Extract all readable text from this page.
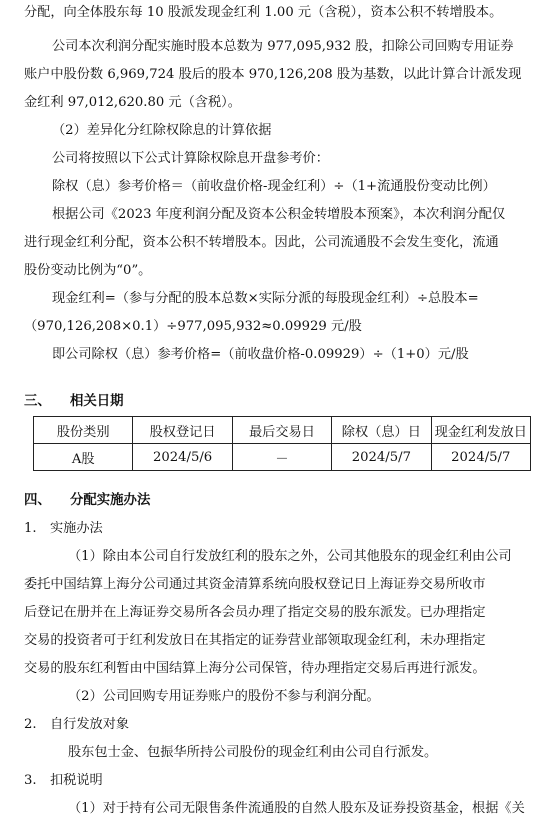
分配，向全体股东每 10 股派发现金红利 1.00 元（含税），资本公积不转增股本。
公司本次利润分配实施时股本总数为 977,095,932 股，扣除公司回购专用证券
账户中股份数 6,969,724 股后的股本 970,126,208 股为基数，以此计算合计派发现
金红利 97,012,620.80 元（含税）。
（2）差异化分红除权除息的计算依据
公司将按照以下公式计算除权除息开盘参考价：
除权（息）参考价格＝（前收盘价格-现金红利）÷（1+流通股份变动比例）
根据公司《2023 年度利润分配及资本公积金转增股本预案》，本次利润分配仅
进行现金红利分配，资本公积不转增股本。因此，公司流通股不会发生变化，流通
股份变动比例为“0”。
现金红利=（参与分配的股本总数×实际分派的每股现金红利）÷总股本=
（970,126,208×0.1）÷977,095,932≈0.09929 元/股
即公司除权（息）参考价格=（前收盘价格-0.09929）÷（1+0）元/股
三、 相关日期
股份类别	股权登记日	最后交易日	除权（息）日	现金红利发放日
A股	2024/5/6	－	2024/5/7	2024/5/7
四、 分配实施办法
1. 实施办法
（1）除由本公司自行发放红利的股东之外，公司其他股东的现金红利由公司
委托中国结算上海分公司通过其资金清算系统向股权登记日上海证券交易所收市
后登记在册并在上海证券交易所各会员办理了指定交易的股东派发。已办理指定
交易的投资者可于红利发放日在其指定的证券营业部领取现金红利，未办理指定
交易的股东红利暂由中国结算上海分公司保管，待办理指定交易后再进行派发。
（2）公司回购专用证券账户的股份不参与利润分配。
2. 自行发放对象
股东包士金、包振华所持公司股份的现金红利由公司自行派发。
3. 扣税说明
（1）对于持有公司无限售条件流通股的自然人股东及证券投资基金，根据《关
